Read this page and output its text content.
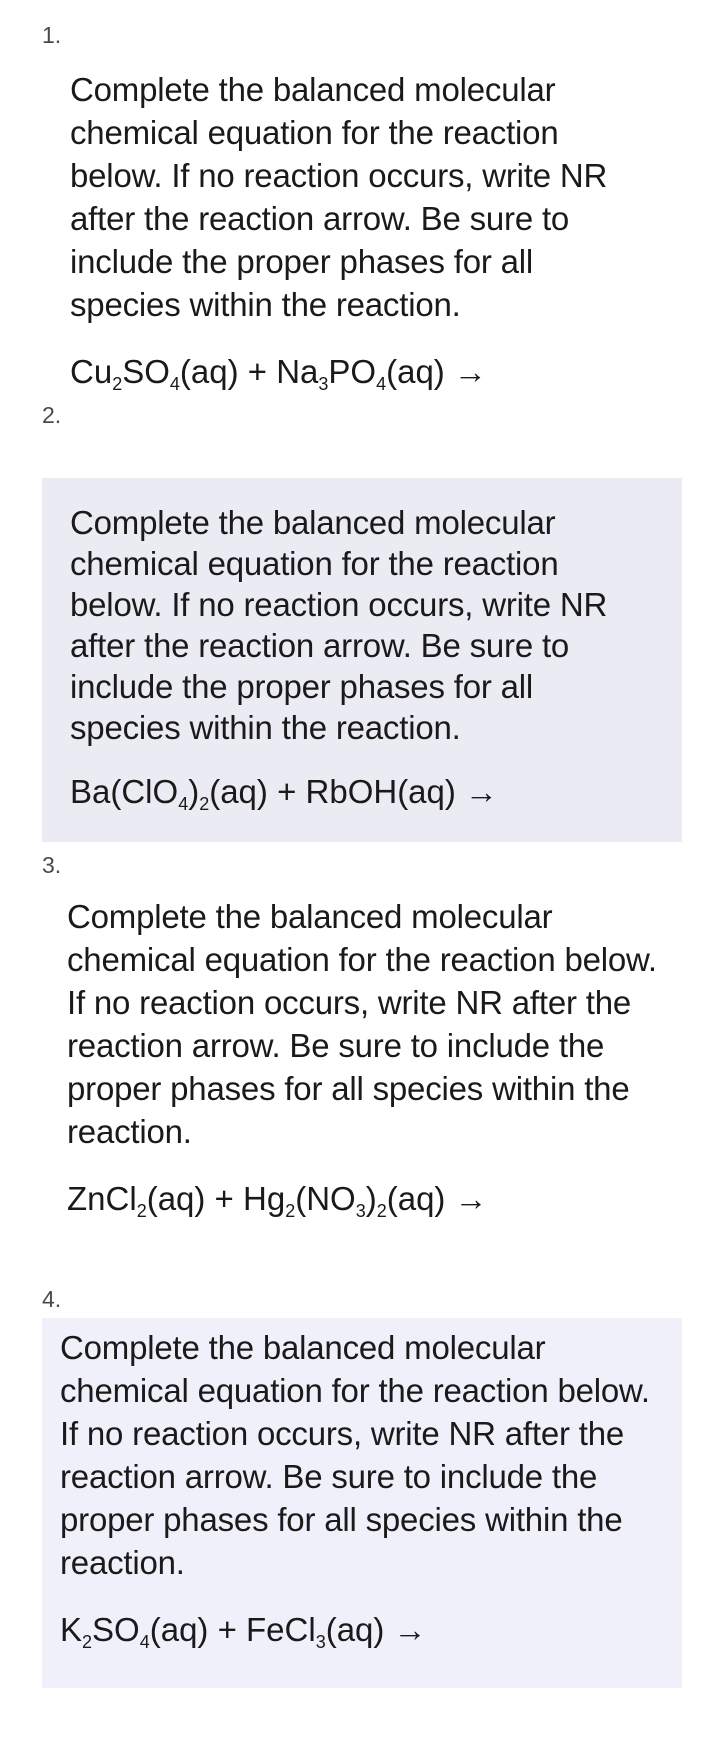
1.

Complete the balanced molecular chemical equation for the reaction below. If no reaction occurs, write NR after the reaction arrow. Be sure to include the proper phases for all species within the reaction.

$Cu_2SO_4(aq) + Na_3PO_4(aq)$ →
2.

Complete the balanced molecular chemical equation for the reaction below. If no reaction occurs, write NR after the reaction arrow. Be sure to include the proper phases for all species within the reaction.

$Ba(ClO_4)_2(aq)$ + RbOH(aq) →
3.

Complete the balanced molecular chemical equation for the reaction below. If no reaction occurs, write NR after the reaction arrow. Be sure to include the proper phases for all species within the reaction.

ZnCl$_2$(aq) + $Hg_2(NO_3)_2(aq)$ →
4.

Complete the balanced molecular chemical equation for the reaction below. If no reaction occurs, write NR after the reaction arrow. Be sure to include the proper phases for all species within the reaction.

$K_2SO_4(aq)$ + FeCl$_3$(aq) →
